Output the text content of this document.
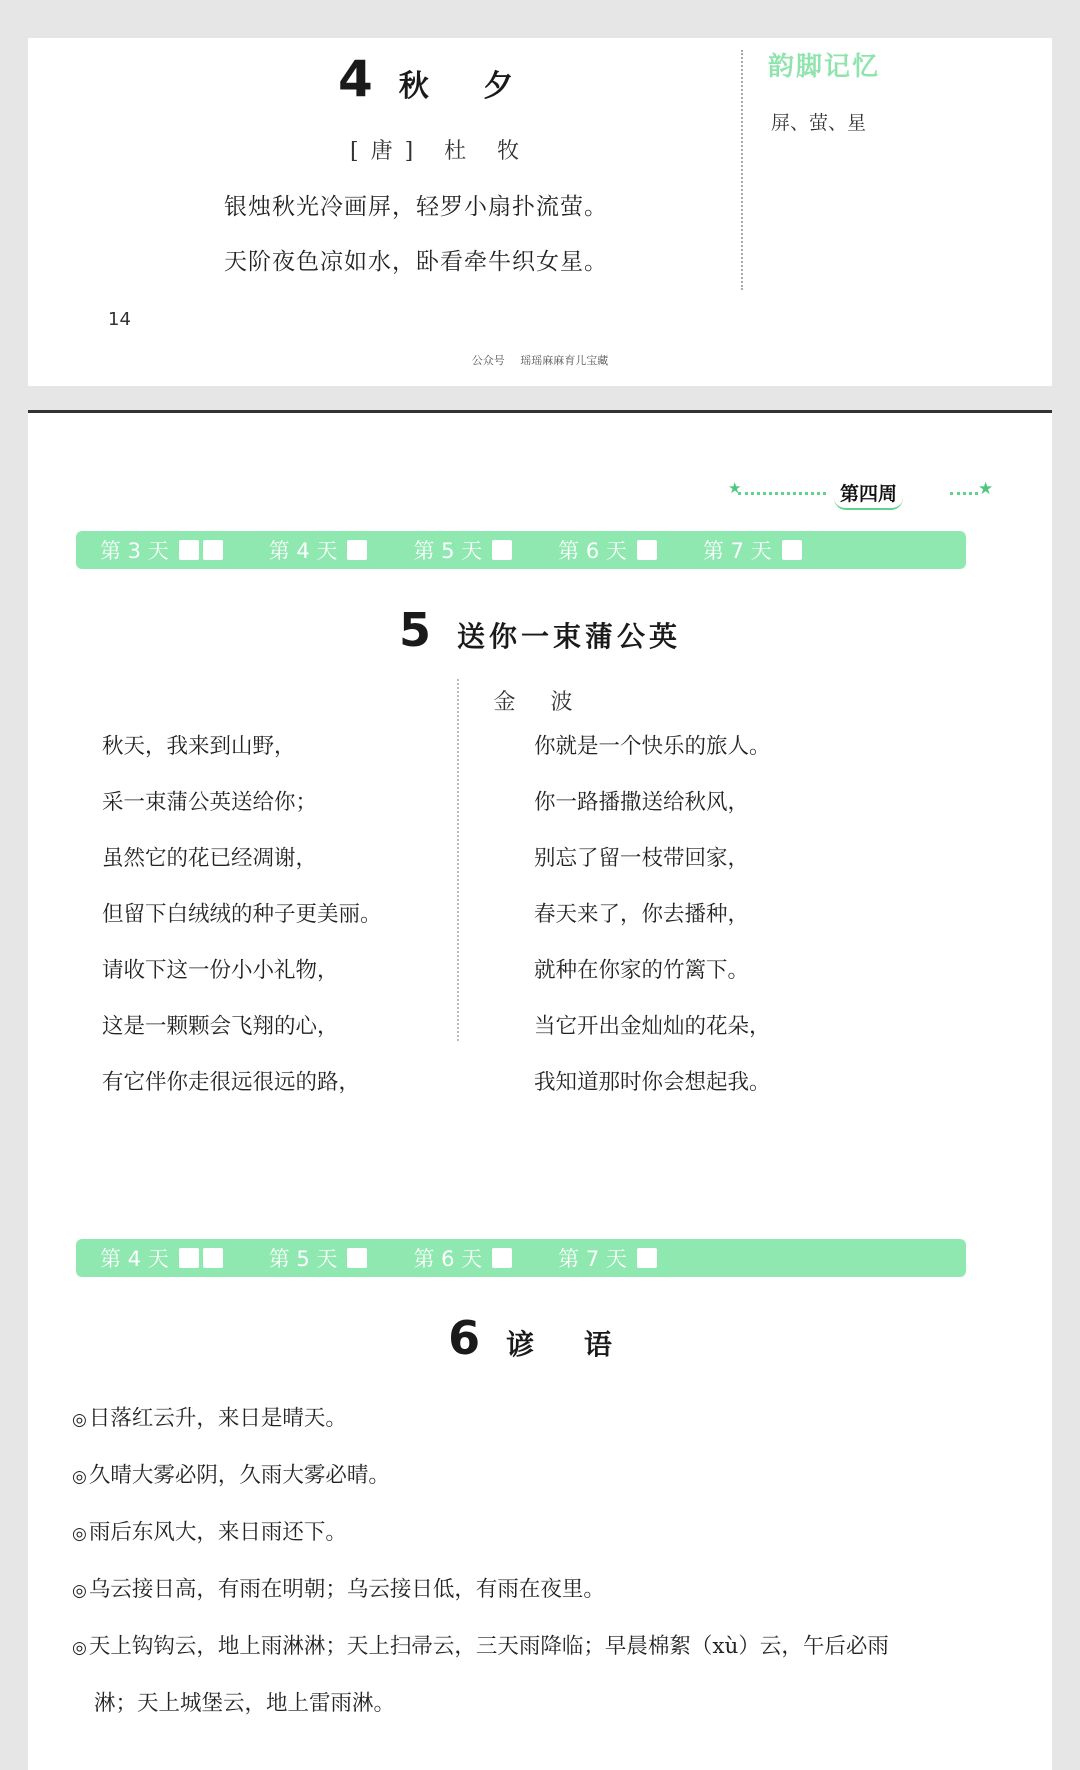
4 秋 夕
[唐] 杜 牧
银烛秋光冷画屏，轻罗小扇扑流萤。
天阶夜色凉如水，卧看牵牛织女星。
韵脚记忆
屏、萤、星
14
公众号 瑶瑶麻麻育儿宝藏
★	第四周	★
第 3 天	第 4 天	第 5 天	第 6 天	第 7 天
5 送你一束蒲公英
金 波
秋天，我来到山野，
采一束蒲公英送给你；
虽然它的花已经凋谢，
但留下白绒绒的种子更美丽。
请收下这一份小小礼物，
这是一颗颗会飞翔的心，
有它伴你走很远很远的路，
你就是一个快乐的旅人。
你一路播撒送给秋风，
别忘了留一枝带回家，
春天来了，你去播种，
就种在你家的竹篱下。
当它开出金灿灿的花朵，
我知道那时你会想起我。
第 4 天	第 5 天	第 6 天	第 7 天
6 谚 语
◎日落红云升，来日是晴天。
◎久晴大雾必阴，久雨大雾必晴。
◎雨后东风大，来日雨还下。
◎乌云接日高，有雨在明朝；乌云接日低，有雨在夜里。
◎天上钩钩云，地上雨淋淋；天上扫帚云，三天雨降临；早晨棉絮（xù）云，午后必雨
淋；天上城堡云，地上雷雨淋。
